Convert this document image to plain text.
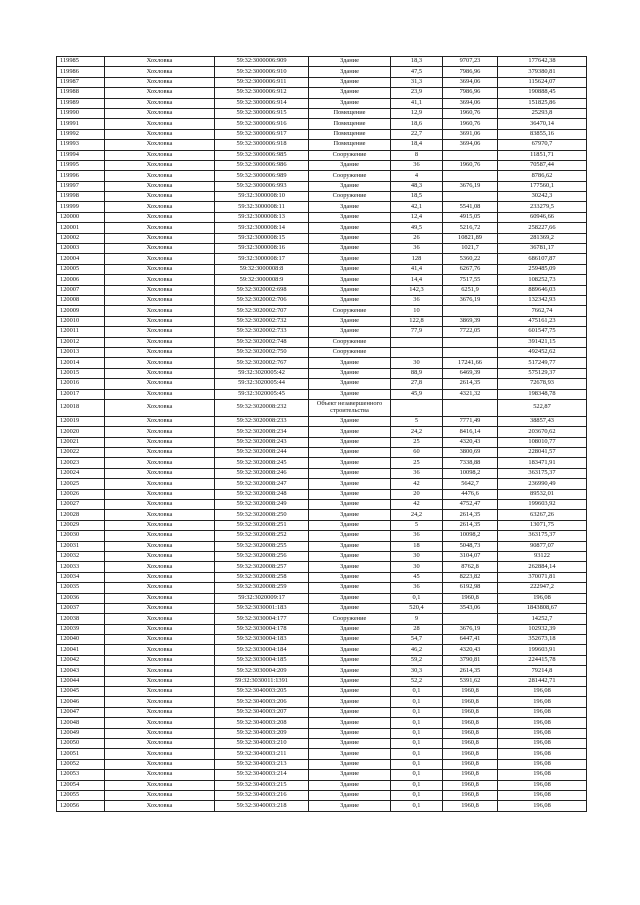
119985	Хохловка	59:32:3000006:909	Здание	18,3	9707,23	177642,38
119986	Хохловка	59:32:3000006:910	Здание	47,5	7986,96	379380,81
119987	Хохловка	59:32:3000006:911	Здание	31,3	3694,06	115624,07
119988	Хохловка	59:32:3000006:912	Здание	23,9	7986,96	190888,45
119989	Хохловка	59:32:3000006:914	Здание	41,1	3694,06	151825,86
119990	Хохловка	59:32:3000006:915	Помещение	12,9	1960,76	25293,8
119991	Хохловка	59:32:3000006:916	Помещение	18,6	1960,76	36470,14
119992	Хохловка	59:32:3000006:917	Помещение	22,7	3691,06	83855,16
119993	Хохловка	59:32:3000006:918	Помещение	18,4	3694,06	67970,7
119994	Хохловка	59:32:3000006:985	Сооружение	8		11851,71
119995	Хохловка	59:32:3000006:986	Здание	36	1960,76	70587,44
119996	Хохловка	59:32:3000006:989	Сооружение	4		8786,62
119997	Хохловка	59:32:3000006:993	Здание	48,3	3676,19	177560,1
119998	Хохловка	59:32:3000008:10	Сооружение	18,5		30242,3
119999	Хохловка	59:32:3000008:11	Здание	42,1	5541,08	233279,5
120000	Хохловка	59:32:3000008:13	Здание	12,4	4915,05	60946,66
120001	Хохловка	59:32:3000008:14	Здание	49,5	5216,72	258227,66
120002	Хохловка	59:32:3000008:15	Здание	26	10821,89	281369,2
120003	Хохловка	59:32:3000008:16	Здание	36	1021,7	36781,17
120004	Хохловка	59:32:3000008:17	Здание	128	5360,22	686107,87
120005	Хохловка	59:32:3000008:8	Здание	41,4	6267,76	259485,09
120006	Хохловка	59:32:3000008:9	Здание	14,4	7517,55	108252,73
120007	Хохловка	59:32:3020002:698	Здание	142,3	6251,9	889646,03
120008	Хохловка	59:32:3020002:706	Здание	36	3676,19	132342,93
120009	Хохловка	59:32:3020002:707	Сооружение	10		7662,74
120010	Хохловка	59:32:3020002:732	Здание	122,8	3869,39	475161,23
120011	Хохловка	59:32:3020002:733	Здание	77,9	7722,05	601547,75
120012	Хохловка	59:32:3020002:748	Сооружение			391421,15
120013	Хохловка	59:32:3020002:750	Сооружение			492452,62
120014	Хохловка	59:32:3020002:767	Здание	30	17241,66	517249,77
120015	Хохловка	59:32:3020005:42	Здание	88,9	6469,39	575129,37
120016	Хохловка	59:32:3020005:44	Здание	27,8	2614,35	72678,93
120017	Хохловка	59:32:3020005:45	Здание	45,9	4321,32	198348,78
120018	Хохловка	59:32:3020008:232	Объект незавершенного строительства			522,87
120019	Хохловка	59:32:3020008:233	Здание	5	7771,49	38857,43
120020	Хохловка	59:32:3020008:234	Здание	24,2	8416,14	203670,62
120021	Хохловка	59:32:3020008:243	Здание	25	4320,43	108010,77
120022	Хохловка	59:32:3020008:244	Здание	60	3800,69	228041,57
120023	Хохловка	59:32:3020008:245	Здание	25	7338,88	183471,91
120024	Хохловка	59:32:3020008:246	Здание	36	10098,2	363175,37
120025	Хохловка	59:32:3020008:247	Здание	42	5642,7	236990,49
120026	Хохловка	59:32:3020008:248	Здание	20	4476,6	89532,01
120027	Хохловка	59:32:3020008:249	Здание	42	4752,47	199603,92
120028	Хохловка	59:32:3020008:250	Здание	24,2	2614,35	63267,26
120029	Хохловка	59:32:3020008:251	Здание	5	2614,35	13071,75
120030	Хохловка	59:32:3020008:252	Здание	36	10098,2	363175,37
120031	Хохловка	59:32:3020008:255	Здание	18	5048,73	90877,07
120032	Хохловка	59:32:3020008:256	Здание	30	3104,07	93122
120033	Хохловка	59:32:3020008:257	Здание	30	8762,8	262884,14
120034	Хохловка	59:32:3020008:258	Здание	45	8223,82	370071,81
120035	Хохловка	59:32:3020008:259	Здание	36	6192,98	222947,2
120036	Хохловка	59:32:3020009:17	Здание	0,1	1960,8	196,08
120037	Хохловка	59:32:3030001:183	Здание	520,4	3543,06	1843808,67
120038	Хохловка	59:32:3030004:177	Сооружение	9		14252,7
120039	Хохловка	59:32:3030004:178	Здание	28	3676,19	102932,39
120040	Хохловка	59:32:3030004:183	Здание	54,7	6447,41	352673,18
120041	Хохловка	59:32:3030004:184	Здание	46,2	4320,43	199603,91
120042	Хохловка	59:32:3030004:185	Здание	59,2	3790,81	224415,78
120043	Хохловка	59:32:3030004:209	Здание	30,3	2614,35	79214,8
120044	Хохловка	59:32:3030011:1391	Здание	52,2	5391,62	281442,71
120045	Хохловка	59:32:3040003:205	Здание	0,1	1960,8	196,08
120046	Хохловка	59:32:3040003:206	Здание	0,1	1960,8	196,08
120047	Хохловка	59:32:3040003:207	Здание	0,1	1960,8	196,08
120048	Хохловка	59:32:3040003:208	Здание	0,1	1960,8	196,08
120049	Хохловка	59:32:3040003:209	Здание	0,1	1960,8	196,08
120050	Хохловка	59:32:3040003:210	Здание	0,1	1960,8	196,08
120051	Хохловка	59:32:3040003:211	Здание	0,1	1960,8	196,08
120052	Хохловка	59:32:3040003:213	Здание	0,1	1960,8	196,08
120053	Хохловка	59:32:3040003:214	Здание	0,1	1960,8	196,08
120054	Хохловка	59:32:3040003:215	Здание	0,1	1960,8	196,08
120055	Хохловка	59:32:3040003:216	Здание	0,1	1960,8	196,08
120056	Хохловка	59:32:3040003:218	Здание	0,1	1960,8	196,08
